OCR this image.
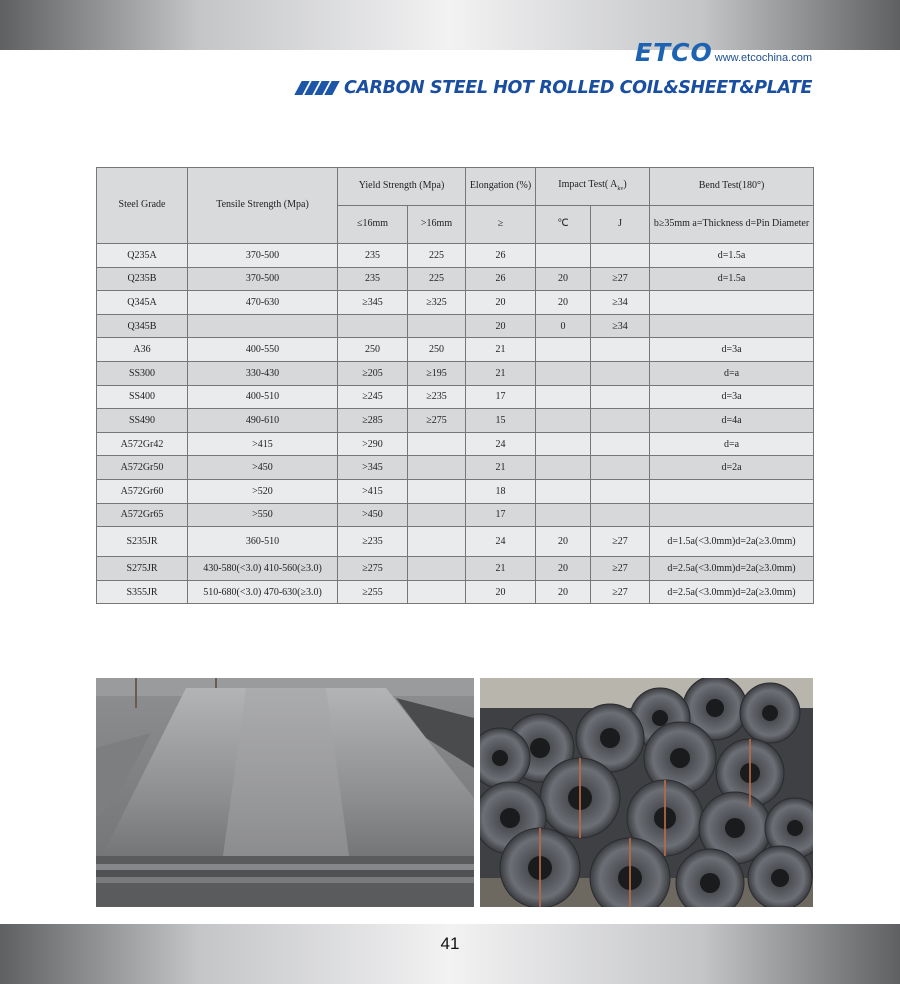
ETCO www.etcochina.com
CARBON STEEL HOT ROLLED COIL&SHEET&PLATE
Steel Grade	Tensile Strength (Mpa)	Yield Strength (Mpa)		Elongation (%)	Impact Test( $A_{kv}$)		Bend Test(180°)
		≤16mm	>16mm	≥	℃	J	b≥35mm a=Thickness d=Pin Diameter
Q235A	370-500	235	225	26			d=1.5a
Q235B	370-500	235	225	26	20	≥27	d=1.5a
Q345A	470-630	≥345	≥325	20	20	≥34	
Q345B				20	0	≥34	
A36	400-550	250	250	21			d=3a
SS300	330-430	≥205	≥195	21			d=a
SS400	400-510	≥245	≥235	17			d=3a
SS490	490-610	≥285	≥275	15			d=4a
A572Gr42	>415	>290		24			d=a
A572Gr50	>450	>345		21			d=2a
A572Gr60	>520	>415		18			
A572Gr65	>550	>450		17			
S235JR	360-510	≥235		24	20	≥27	d=1.5a(<3.0mm)d=2a(≥3.0mm)
S275JR	430-580(<3.0) 410-560(≥3.0)	≥275		21	20	≥27	d=2.5a(<3.0mm)d=2a(≥3.0mm)
S355JR	510-680(<3.0) 470-630(≥3.0)	≥255		20	20	≥27	d=2.5a(<3.0mm)d=2a(≥3.0mm)
41
